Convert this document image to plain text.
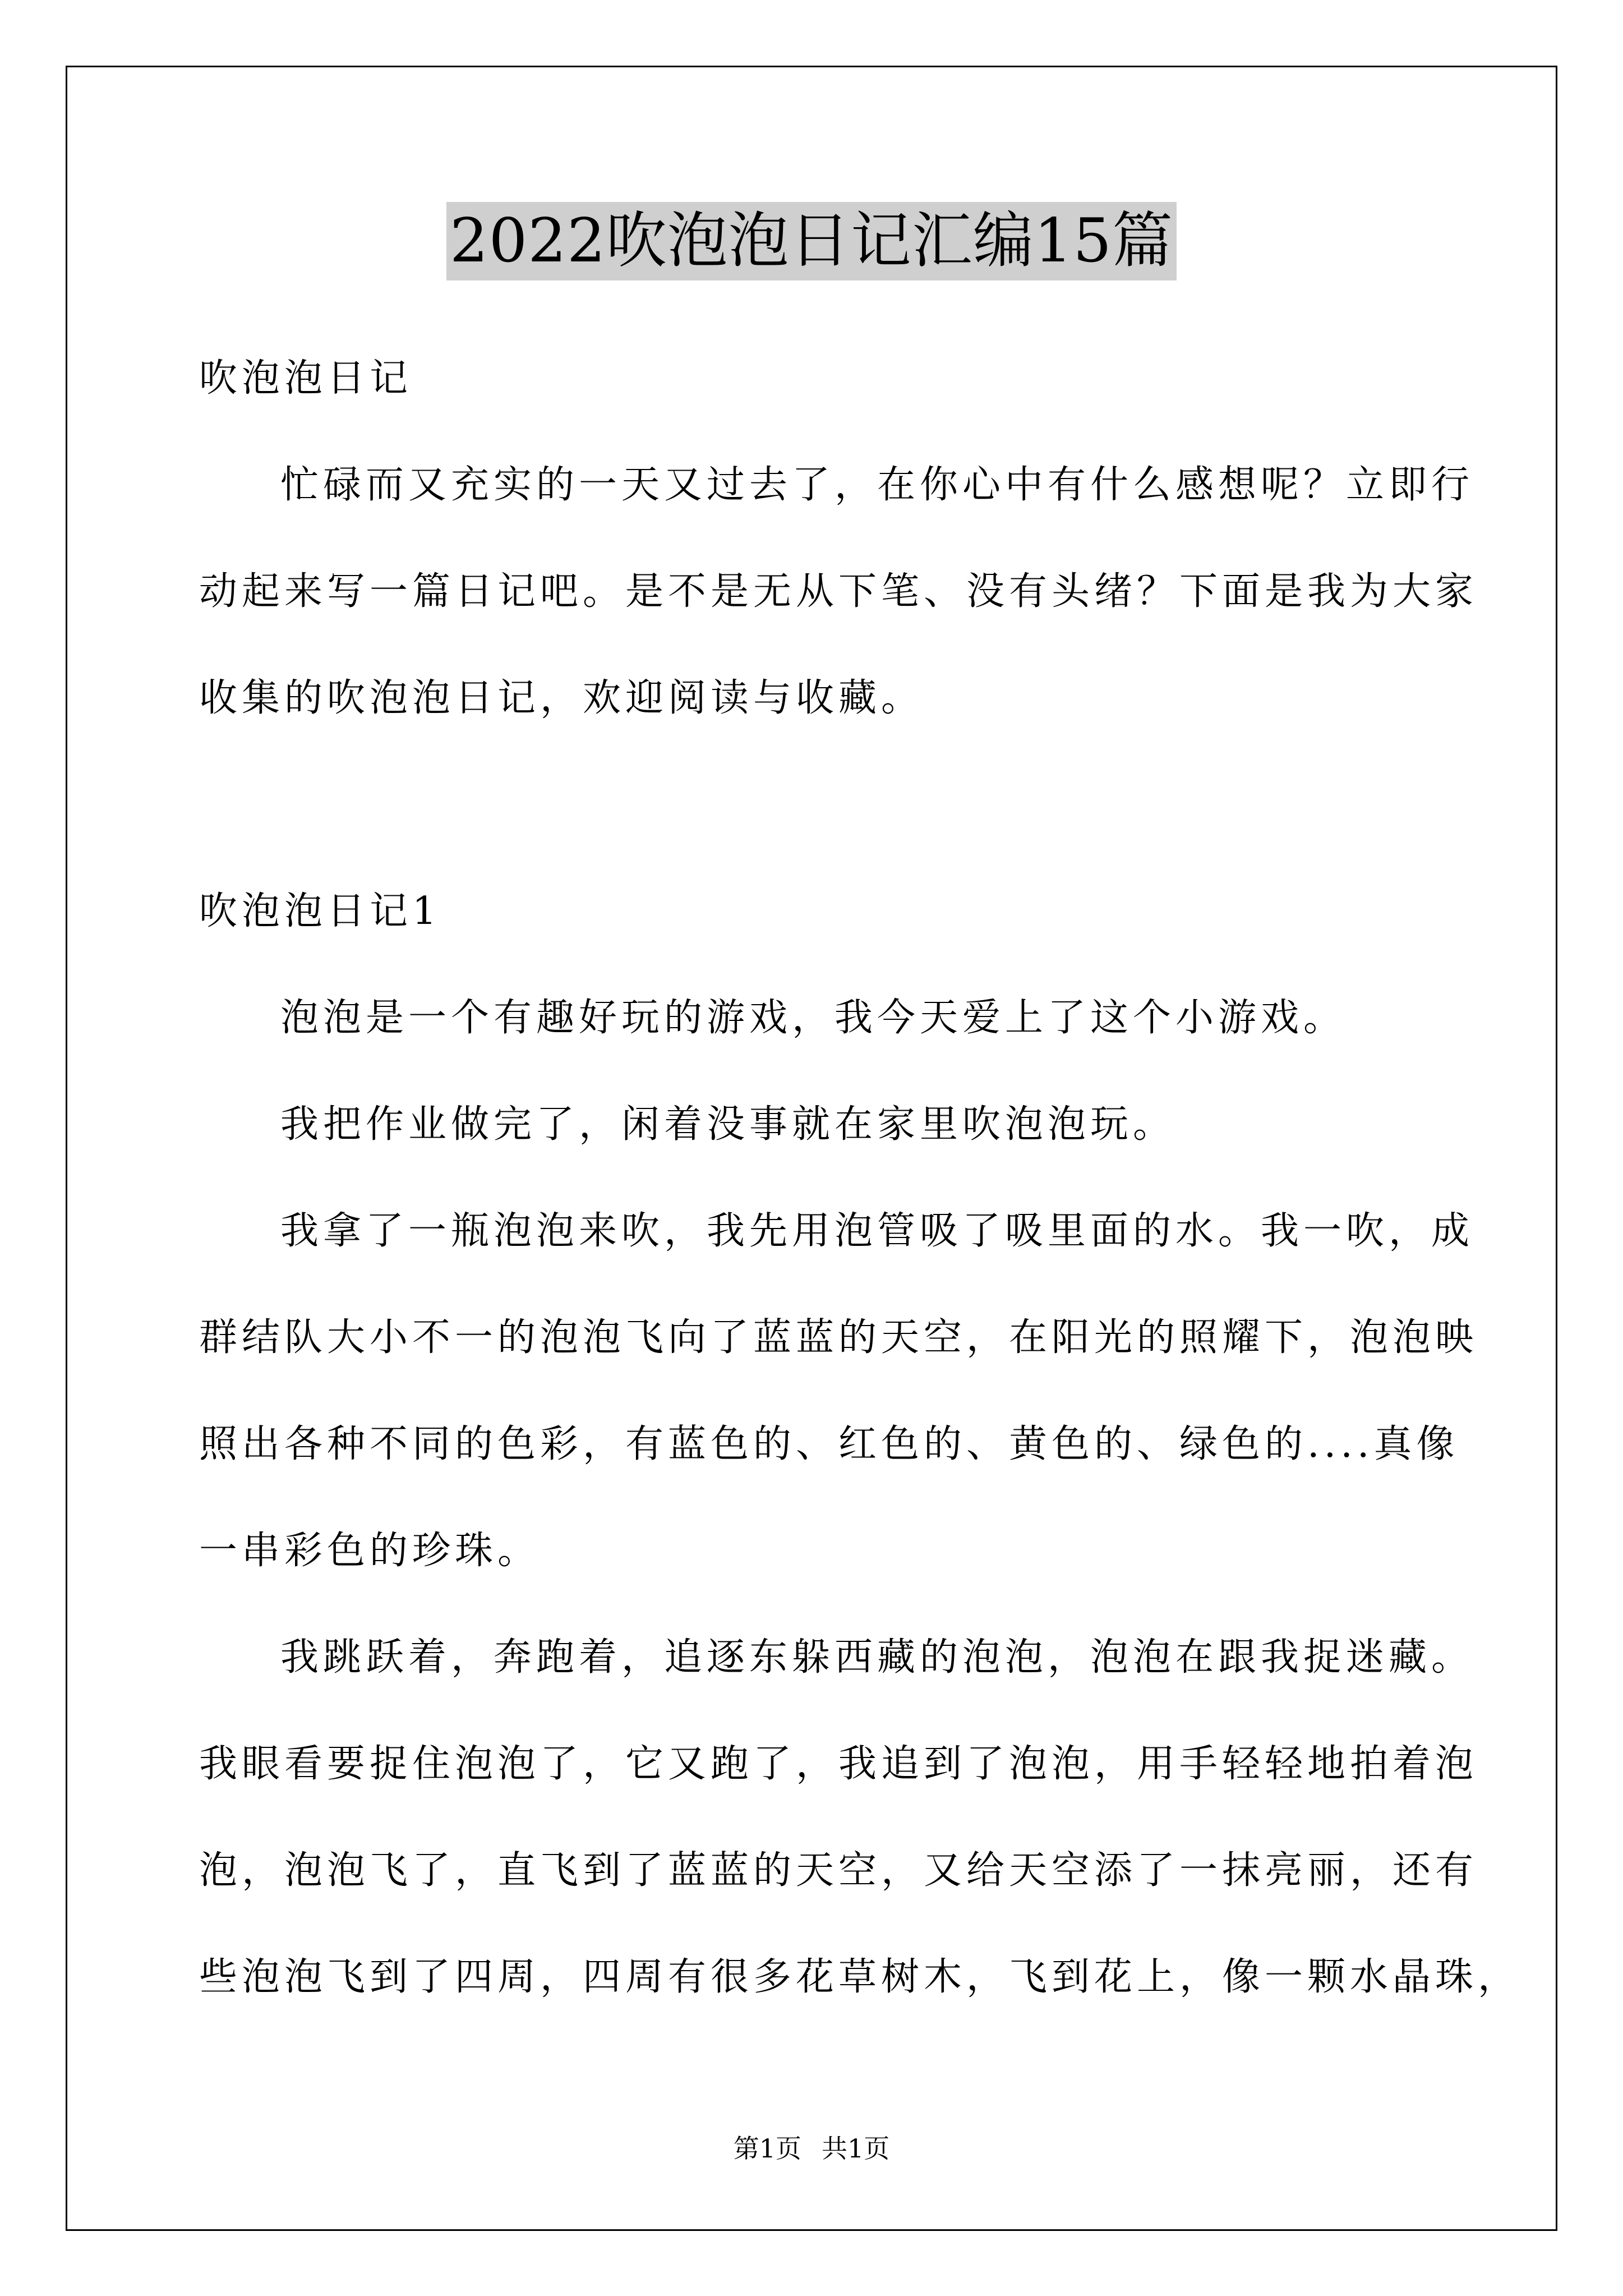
2022吹泡泡日记汇编15篇
吹泡泡日记
忙碌而又充实的一天又过去了，在你心中有什么感想呢？立即行
动起来写一篇日记吧。是不是无从下笔、没有头绪？下面是我为大家
收集的吹泡泡日记，欢迎阅读与收藏。
吹泡泡日记1
泡泡是一个有趣好玩的游戏，我今天爱上了这个小游戏。
我把作业做完了，闲着没事就在家里吹泡泡玩。
我拿了一瓶泡泡来吹，我先用泡管吸了吸里面的水。我一吹，成
群结队大小不一的泡泡飞向了蓝蓝的天空，在阳光的照耀下，泡泡映
照出各种不同的色彩，有蓝色的、红色的、黄色的、绿色的....真像
一串彩色的珍珠。
我跳跃着，奔跑着，追逐东躲西藏的泡泡，泡泡在跟我捉迷藏。
我眼看要捉住泡泡了，它又跑了，我追到了泡泡，用手轻轻地拍着泡
泡，泡泡飞了，直飞到了蓝蓝的天空，又给天空添了一抹亮丽，还有
些泡泡飞到了四周，四周有很多花草树木，飞到花上，像一颗水晶珠，
第1页 共1页
